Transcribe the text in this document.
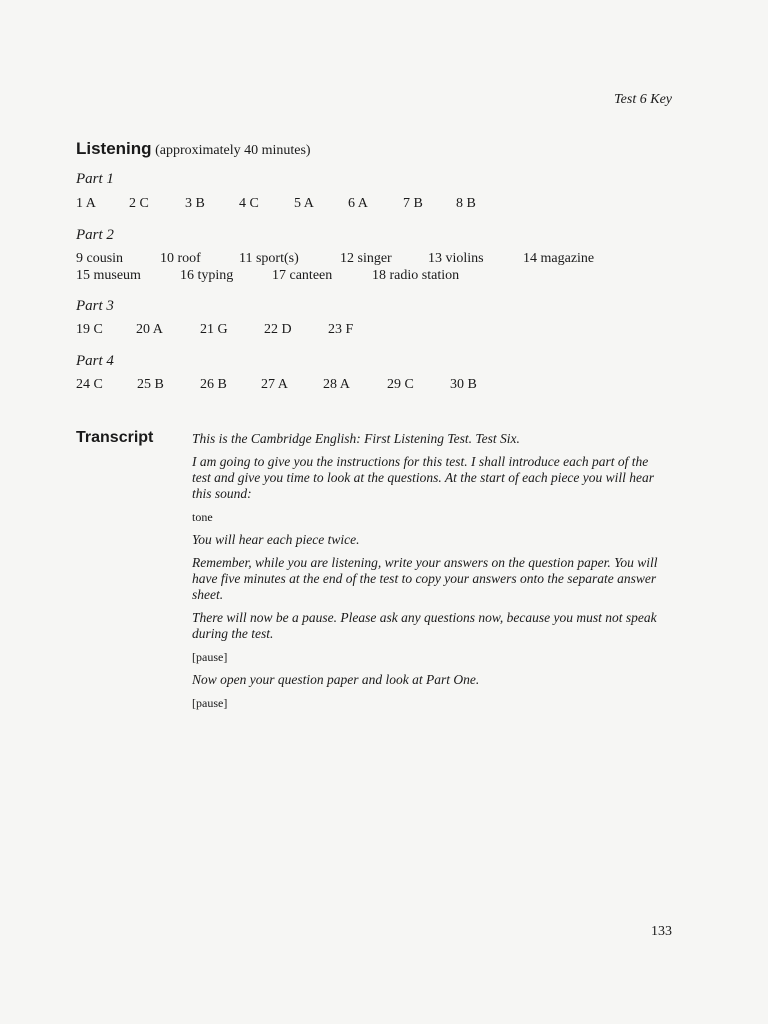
Test 6 Key
Listening (approximately 40 minutes)
Part 1
1 A 2 C	3 B 4 C	5 A 6 A	7 B 8 B
Part 2
9 cousin	10 roof	11 sport(s)	12 singer	13 violins	14 magazine
15 museum	16 typing	17 canteen	18 radio station
Part 3
19 C 20 A	21 G	22 D	23 F
Part 4
24 C 25 B	26 B 27 A	28 A	29 C	30 B
Transcript	This is the Cambridge English: First Listening Test. Test Six.

I am going to give you the instructions for this test. I shall introduce each part of the test and give you time to look at the questions. At the start of each piece you will hear this sound:

tone

You will hear each piece twice.

Remember, while you are listening, write your answers on the question paper. You will have five minutes at the end of the test to copy your answers onto the separate answer sheet.

There will now be a pause. Please ask any questions now, because you must not speak during the test.

[pause]

Now open your question paper and look at Part One.

[pause]

133
